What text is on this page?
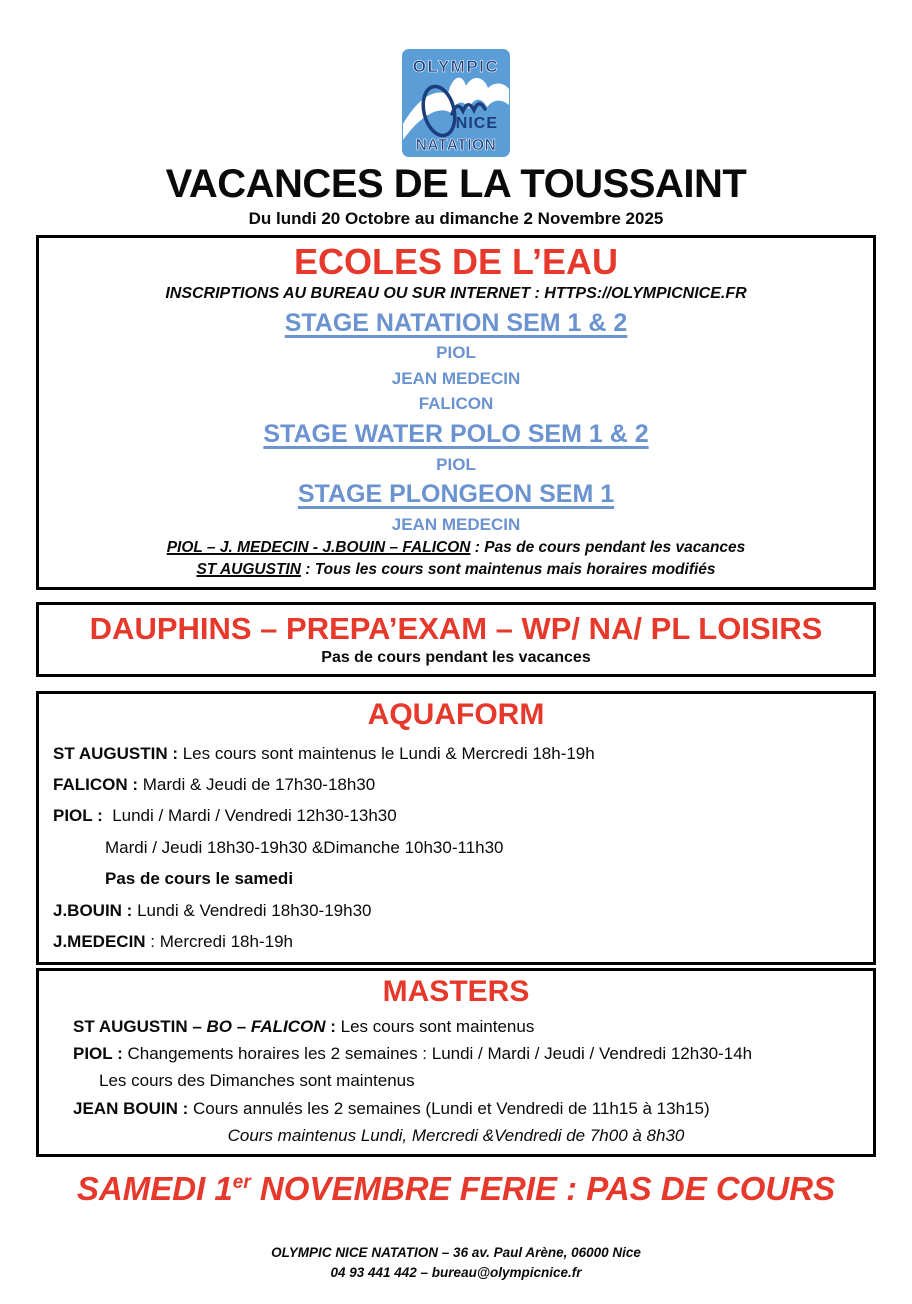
OLYMPIC
NICE
NATATION
VACANCES DE LA TOUSSAINT
Du lundi 20 Octobre au dimanche 2 Novembre 2025
ECOLES DE L’EAU
INSCRIPTIONS AU BUREAU OU SUR INTERNET : HTTPS://OLYMPICNICE.FR
STAGE NATATION SEM 1 & 2
PIOL
JEAN MEDECIN
FALICON
STAGE WATER POLO SEM 1 & 2
PIOL
STAGE PLONGEON SEM 1
JEAN MEDECIN
PIOL – J. MEDECIN - J.BOUIN – FALICON : Pas de cours pendant les vacances
ST AUGUSTIN : Tous les cours sont maintenus mais horaires modifiés
DAUPHINS – PREPA’EXAM – WP/ NA/ PL LOISIRS
Pas de cours pendant les vacances
AQUAFORM
ST AUGUSTIN : Les cours sont maintenus le Lundi & Mercredi 18h-19h
FALICON : Mardi & Jeudi de 17h30-18h30
PIOL :  Lundi / Mardi / Vendredi 12h30-13h30
Mardi / Jeudi 18h30-19h30 &Dimanche 10h30-11h30
Pas de cours le samedi
J.BOUIN : Lundi & Vendredi 18h30-19h30
J.MEDECIN : Mercredi 18h-19h
MASTERS
ST AUGUSTIN – BO – FALICON : Les cours sont maintenus
PIOL : Changements horaires les 2 semaines : Lundi / Mardi / Jeudi / Vendredi 12h30-14h
Les cours des Dimanches sont maintenus
JEAN BOUIN : Cours annulés les 2 semaines (Lundi et Vendredi de 11h15 à 13h15)
Cours maintenus Lundi, Mercredi &Vendredi de 7h00 à 8h30
SAMEDI 1er NOVEMBRE FERIE : PAS DE COURS
OLYMPIC NICE NATATION – 36 av. Paul Arène, 06000 Nice
04 93 441 442 – bureau@olympicnice.fr
